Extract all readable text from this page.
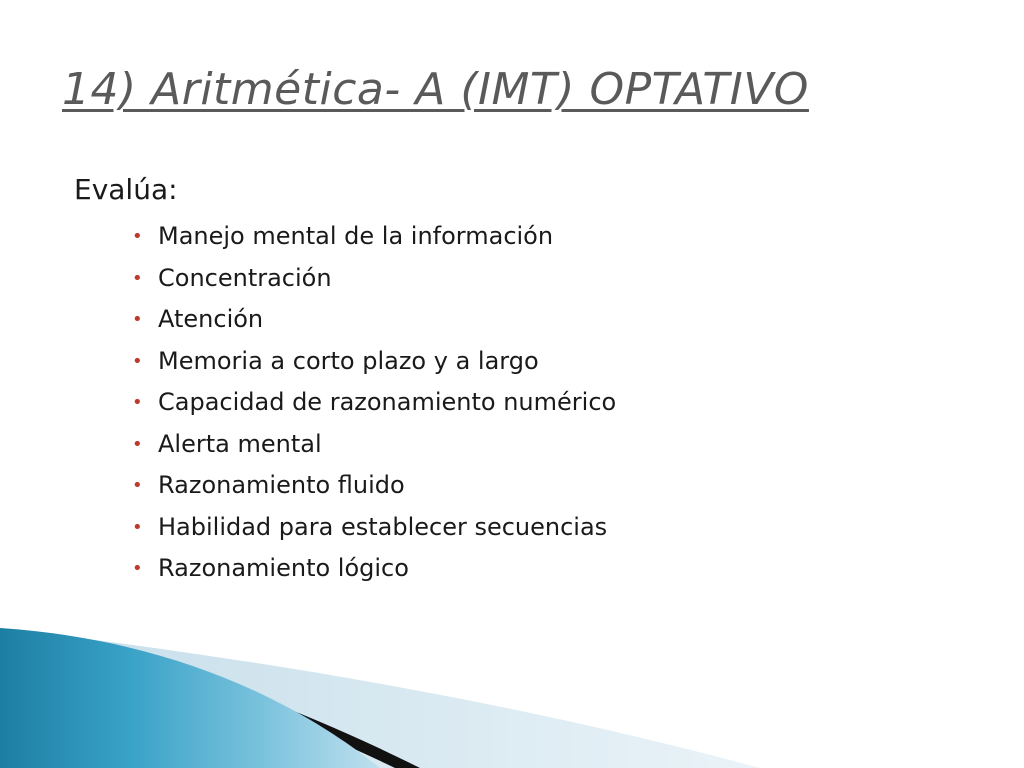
14) Aritmética- A (IMT) OPTATIVO

Evalúa:

• Manejo mental de la información
• Concentración
• Atención
• Memoria a corto plazo y a largo
• Capacidad de razonamiento numérico
• Alerta mental
• Razonamiento fluido
• Habilidad para establecer secuencias
• Razonamiento lógico
